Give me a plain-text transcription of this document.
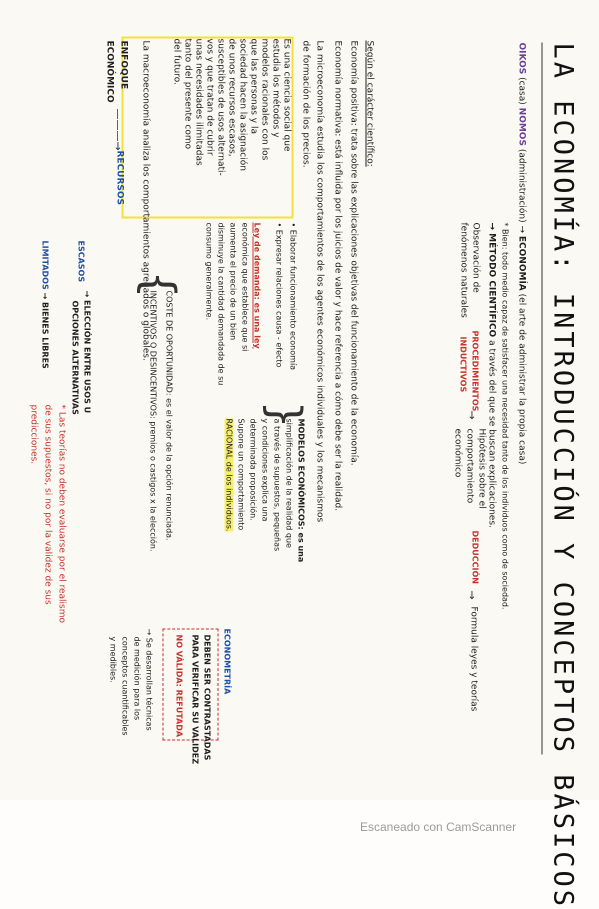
LA ECONOMÍA: INTRODUCCIÓN Y CONCEPTOS BÁSICOS
OIKOS (casa) NOMOS (administración) → ECONOMÍA (el arte de administrar la propia casa)
* Bien: todo medio capaz de satisfacer una necesidad tanto de los individuos como de sociedad.
→ MÉTODO CIENTÍFICO a través del que se buscan explicaciones.
Es una ciencia social que
estudia los métodos y
modelos racionales con los
que las personas y la
sociedad hacen la asignación
de unos recursos escasos,
susceptibles de usos alternati-
vos y que tratan de cubrir
unas necesidades ilimitadas
tanto del presente como
del futuro.
Observación de
fenómenos naturales
PROCEDIMIENTOS
INDUCTIVOS
→
Hipótesis sobre el
comportamiento
económico
DEDUCCIÓN
→
Formula leyes y teorías
ECONOMETRÍA
DEBEN SER CONTRASTADAS
PARA VERIFICAR SU VALIDEZ
NO VÁLIDA: REFUTADA
→ Se desarrollan técnicas
de medición para los
conceptos cuantificables
y medibles.
• Elaborar funcionamiento economía
• Expresar relaciones causa - efecto
Ley de demanda: es una ley
económica que establece que si
aumenta el precio de un bien
disminuye la cantidad demandada de su
consumo generalmente.
}
MODELOS ECONÓMICOS: es una
simplificación de la realidad que
a través de supuestos, pequeñas
y condiciones explica una
determinada proposición.
Supone un comportamiento
RACIONAL de los individuos.
Según el carácter científico:
Economía positiva: trata sobre las explicaciones objetivas del funcionamiento de la economía.
Economía normativa: está influida por los juicios de valor y hace referencia a cómo debe ser la realidad.
La microeconomía estudia los comportamientos de los agentes económicos individuales y los mecanismos
de formación de los precios.
La macroeconomía analiza los comportamientos agregados o globales.
{
COSTE DE OPORTUNIDAD: es el valor de la opción renunciada.
INCENTIVOS O DESINCENTIVOS: premios o castigos x la elección.
* Las teorías no deben evaluarse por el realismo
de sus supuestos, si no por la validez de sus
predicciones.
ENFOQUE
ECONÓMICO
———→
RECURSOS
ESCASOS
→ ELECCIÓN ENTRE USOS U
OPCIONES ALTERNATIVAS
LIMITADOS
→ BIENES LIBRES
Escaneado con CamScanner
